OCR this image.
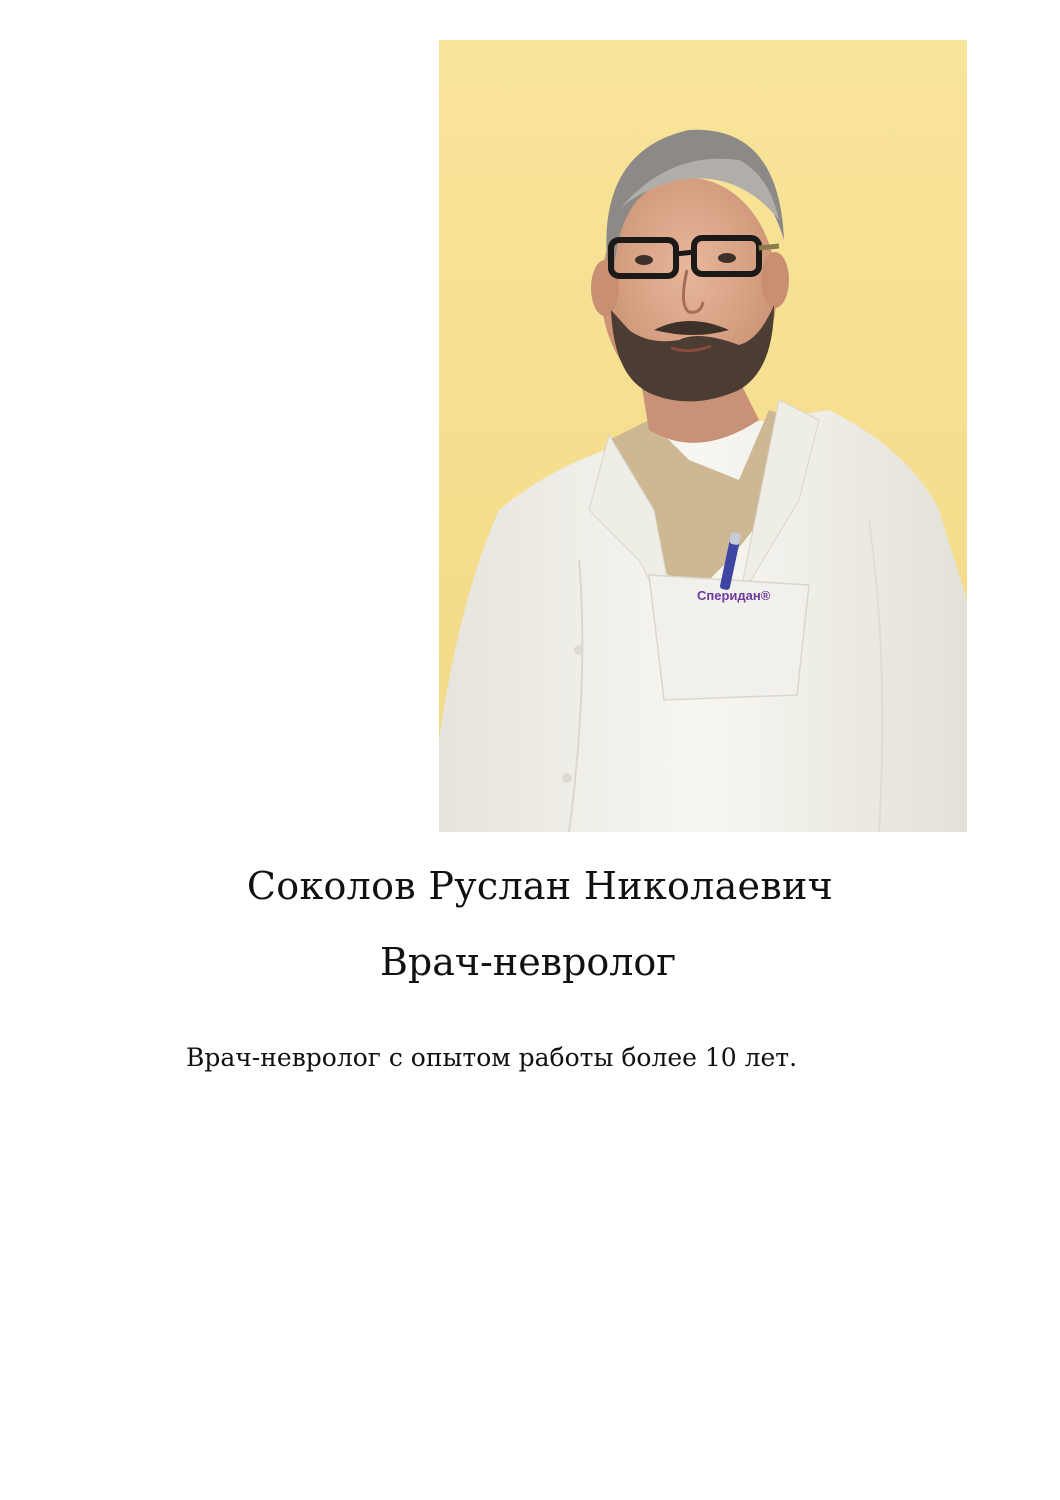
Сперидан®
Соколов Руслан Николаевич
Врач-невролог

Врач-невролог с опытом работы более 10 лет.
